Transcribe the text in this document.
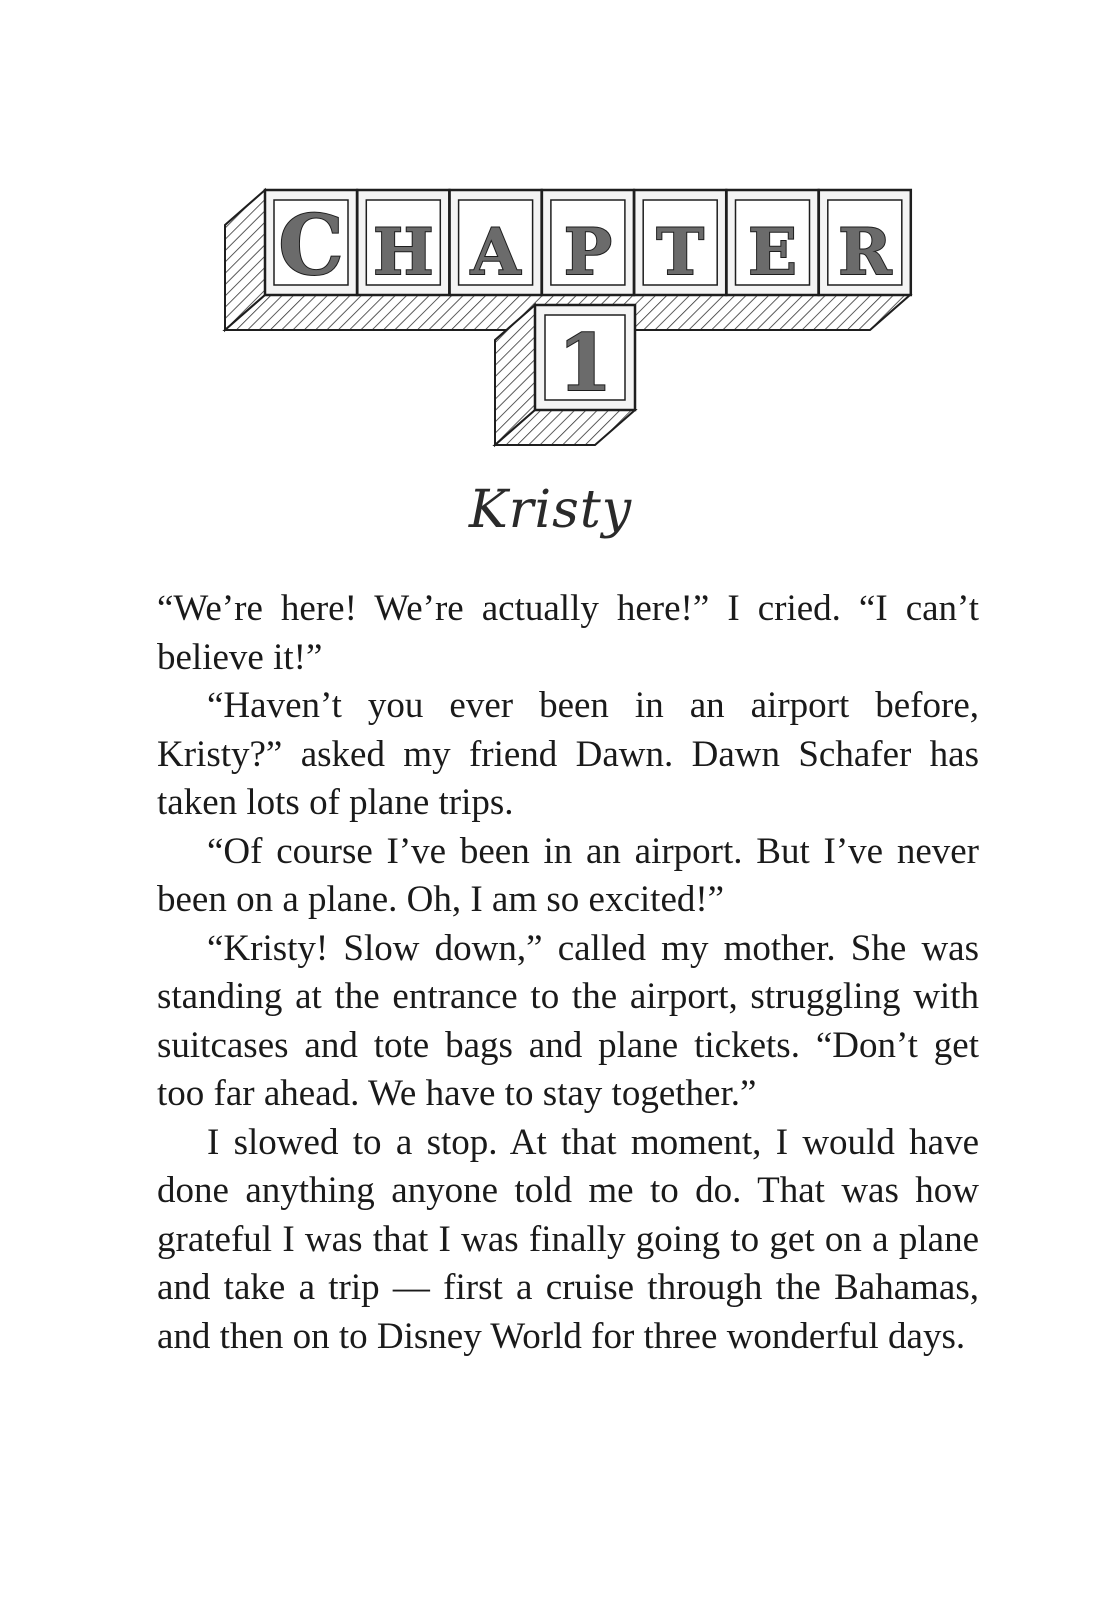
C H A P T E R
1
Kristy

“We’re here! We’re actually here!” I cried. “I can’t believe it!”

“Haven’t you ever been in an airport before, Kristy?” asked my friend Dawn. Dawn Schafer has taken lots of plane trips.

“Of course I’ve been in an airport. But I’ve never been on a plane. Oh, I am so excited!”

“Kristy! Slow down,” called my mother. She was standing at the entrance to the airport, struggling with suitcases and tote bags and plane tickets. “Don’t get too far ahead. We have to stay together.”

I slowed to a stop. At that moment, I would have done anything anyone told me to do. That was how grateful I was that I was finally going to get on a plane and take a trip — first a cruise through the Bahamas, and then on to Disney World for three wonderful days.
